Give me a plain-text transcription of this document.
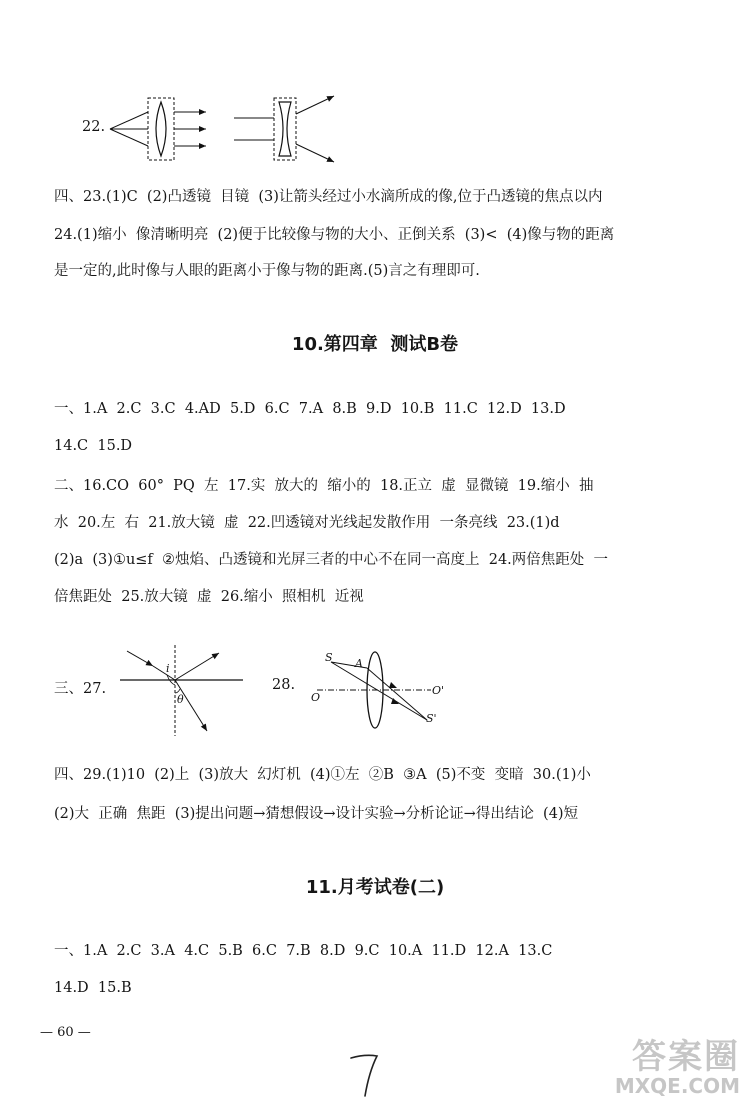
22.
四、23.(1)C  (2)凸透镜  目镜  (3)让箭头经过小水滴所成的像,位于凸透镜的焦点以内
24.(1)缩小  像清晰明亮  (2)便于比较像与物的大小、正倒关系  (3)<  (4)像与物的距离
是一定的,此时像与人眼的距离小于像与物的距离.(5)言之有理即可.
10.第四章  测试B卷
一、1.A  2.C  3.C  4.AD  5.D  6.C  7.A  8.B  9.D  10.B  11.C  12.D  13.D
14.C  15.D
二、16.CO  60°  PQ  左  17.实  放大的  缩小的  18.正立  虚  显微镜  19.缩小  抽
水  20.左  右  21.放大镜  虚  22.凹透镜对光线起发散作用  一条亮线  23.(1)d
(2)a  (3)①u≤f  ②烛焰、凸透镜和光屏三者的中心不在同一高度上  24.两倍焦距处  一
倍焦距处  25.放大镜  虚  26.缩小  照相机  近视
三、27.
i
θ
28.
S A
O
O'
S'
四、29.(1)10  (2)上  (3)放大  幻灯机  (4)①左  ②B  ③A  (5)不变  变暗  30.(1)小
(2)大  正确  焦距  (3)提出问题→猜想假设→设计实验→分析论证→得出结论  (4)短
11.月考试卷(二)
一、1.A  2.C  3.A  4.C  5.B  6.C  7.B  8.D  9.C  10.A  11.D  12.A  13.C
14.D  15.B
— 60 —
答案圈
MXQE.COM
